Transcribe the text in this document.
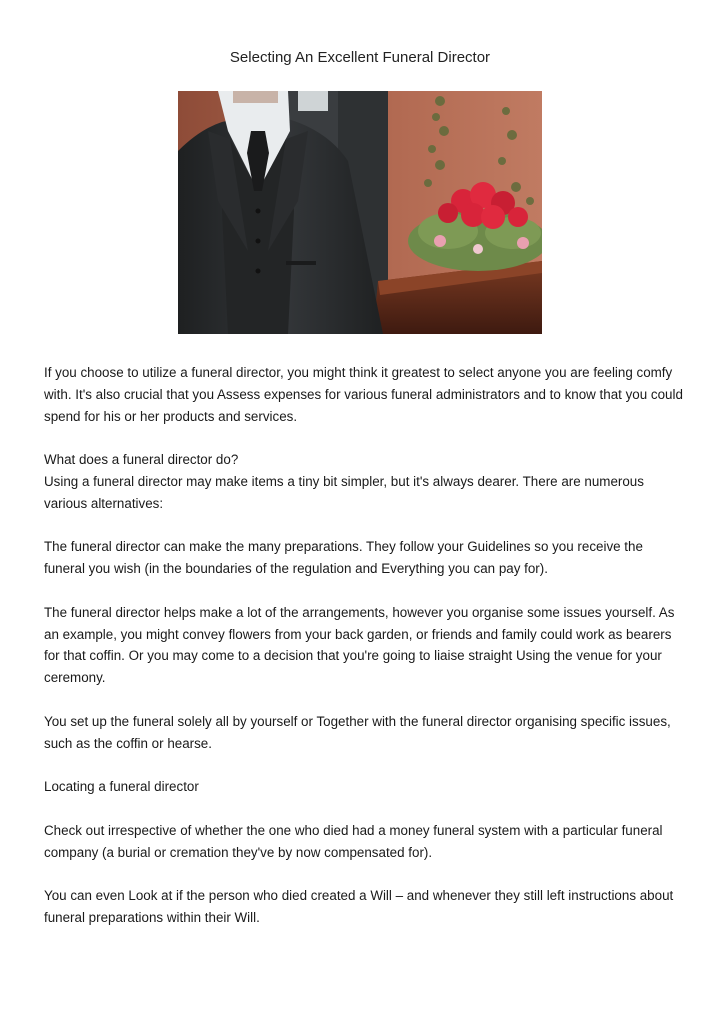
Selecting An Excellent Funeral Director

If you choose to utilize a funeral director, you might think it greatest to select anyone you are feeling comfy with. It's also crucial that you Assess expenses for various funeral administrators and to know that you could spend for his or her products and services.

What does a funeral director do?
Using a funeral director may make items a tiny bit simpler, but it's always dearer. There are numerous various alternatives:

The funeral director can make the many preparations. They follow your Guidelines so you receive the funeral you wish (in the boundaries of the regulation and Everything you can pay for).

The funeral director helps make a lot of the arrangements, however you organise some issues yourself. As an example, you might convey flowers from your back garden, or friends and family could work as bearers for that coffin. Or you may come to a decision that you're going to liaise straight Using the venue for your ceremony.

You set up the funeral solely all by yourself or Together with the funeral director organising specific issues, such as the coffin or hearse.

Locating a funeral director

Check out irrespective of whether the one who died had a money funeral system with a particular funeral company (a burial or cremation they've by now compensated for).

You can even Look at if the person who died created a Will – and whenever they still left instructions about funeral preparations within their Will.
